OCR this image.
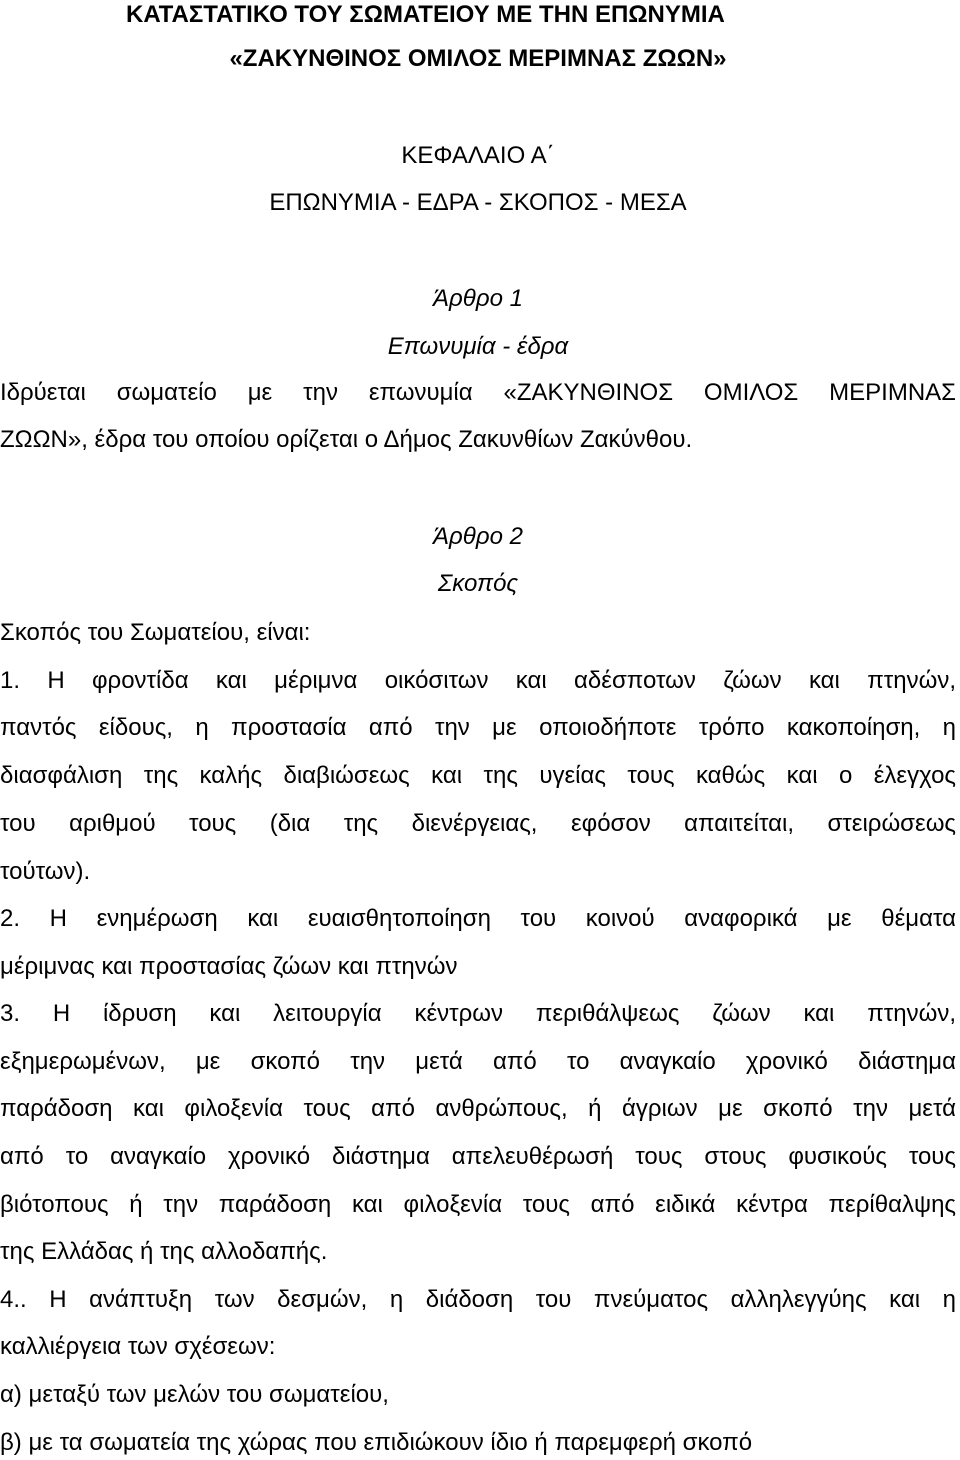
ΚΑΤΑΣΤΑΤΙΚΟ ΤΟΥ ΣΩΜΑΤΕΙΟΥ ΜΕ ΤΗΝ ΕΠΩΝΥΜΙΑ
«ΖΑΚΥΝΘΙΝΟΣ ΟΜΙΛΟΣ ΜΕΡΙΜΝΑΣ ΖΩΩΝ»
ΚΕΦΑΛΑΙΟ Α΄
ΕΠΩΝΥΜΙΑ - ΕΔΡΑ - ΣΚΟΠΟΣ - ΜΕΣΑ
Άρθρο 1
Επωνυμία - έδρα
Ιδρύεται σωματείο με την επωνυμία «ΖΑΚΥΝΘΙΝΟΣ ΟΜΙΛΟΣ ΜΕΡΙΜΝΑΣ
ΖΩΩΝ», έδρα του οποίου ορίζεται ο Δήμος Ζακυνθίων Ζακύνθου.
Άρθρο 2
Σκοπός
Σκοπός του Σωματείου, είναι:
1. Η φροντίδα και μέριμνα οικόσιτων και αδέσποτων ζώων και πτηνών,
παντός είδους, η προστασία από την με οποιοδήποτε τρόπο κακοποίηση, η
διασφάλιση της καλής διαβιώσεως και της υγείας τους καθώς και ο έλεγχος
του αριθμού τους (δια της διενέργειας, εφόσον απαιτείται, στειρώσεως
τούτων).
2. Η ενημέρωση και ευαισθητοποίηση του κοινού αναφορικά με θέματα
μέριμνας και προστασίας ζώων και πτηνών
3. Η ίδρυση και λειτουργία κέντρων περιθάλψεως ζώων και πτηνών,
εξημερωμένων, με σκοπό την μετά από το αναγκαίο χρονικό διάστημα
παράδοση και φιλοξενία τους από ανθρώπους, ή άγριων με σκοπό την μετά
από το αναγκαίο χρονικό διάστημα απελευθέρωσή τους στους φυσικούς τους
βιότοπους ή την παράδοση και φιλοξενία τους από ειδικά κέντρα περίθαλψης
της Ελλάδας ή της αλλοδαπής.
4.. Η ανάπτυξη των δεσμών, η διάδοση του πνεύματος αλληλεγγύης και η
καλλιέργεια των σχέσεων:
α) μεταξύ των μελών του σωματείου,
β) με τα σωματεία της χώρας που επιδιώκουν ίδιο ή παρεμφερή σκοπό
